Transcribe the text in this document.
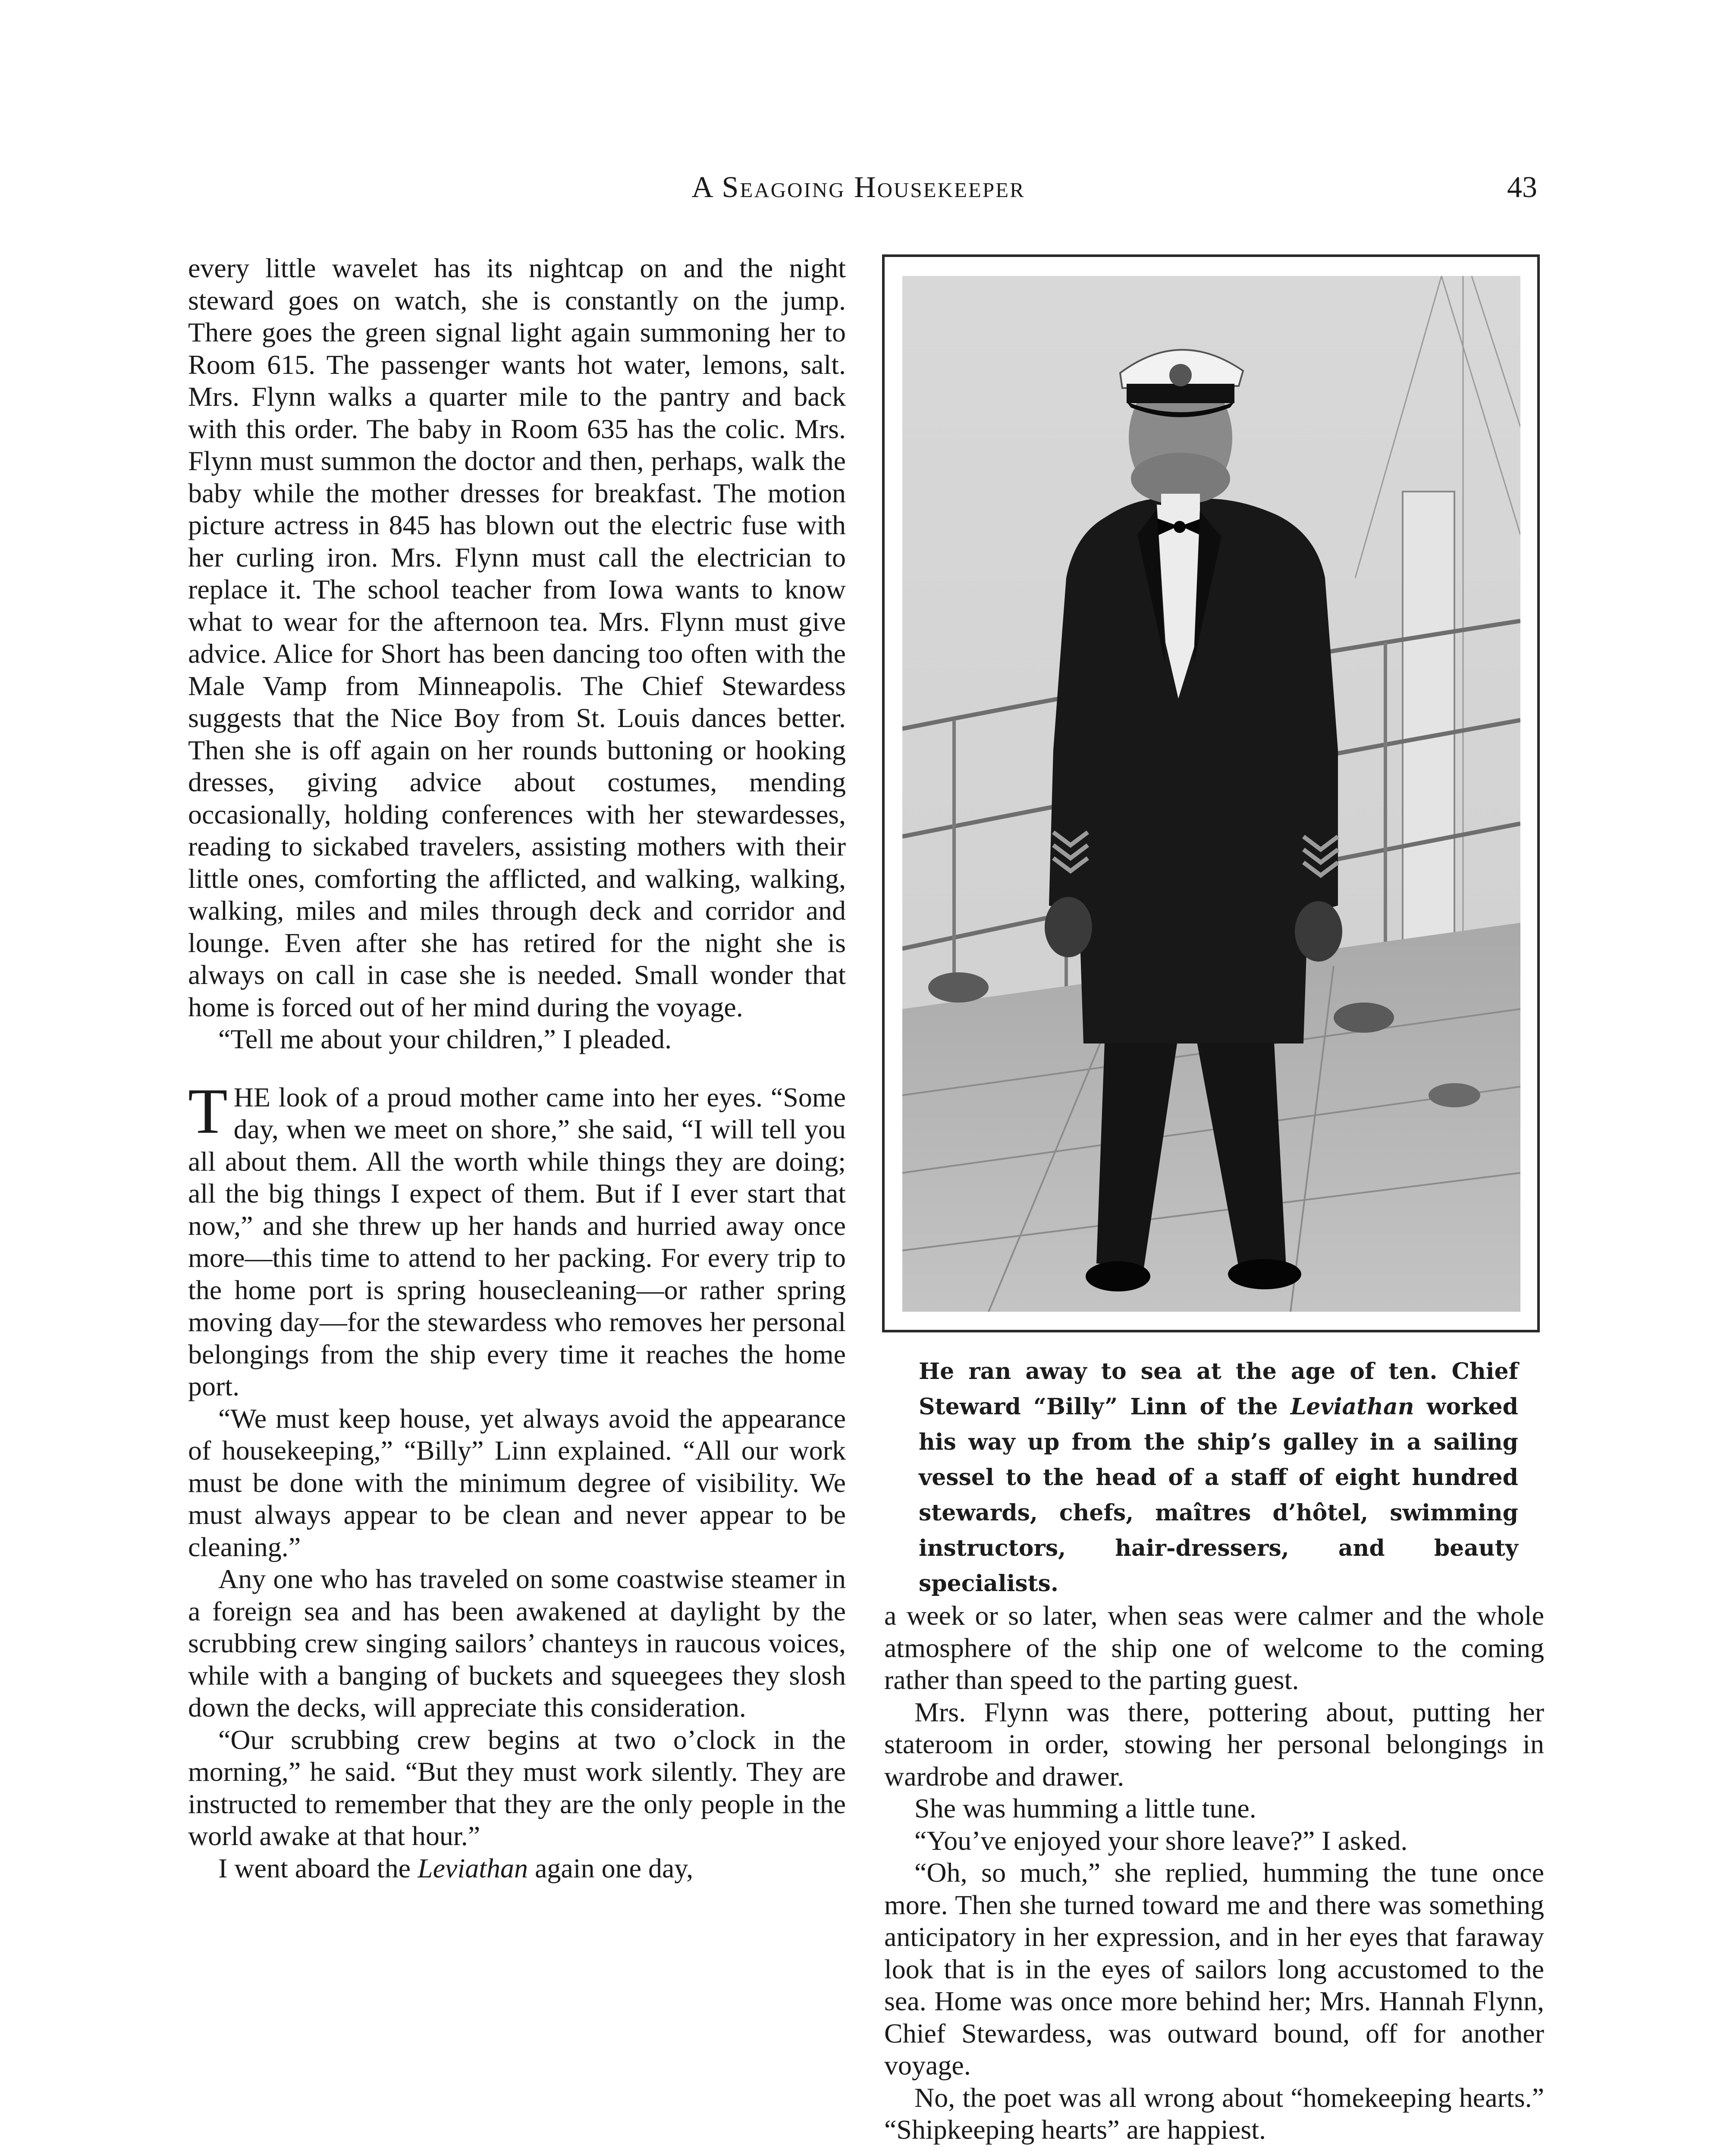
A Seagoing Housekeeper	43

every little wavelet has its nightcap on and the night steward goes on watch, she is constantly on the jump. There goes the green signal light again summoning her to Room 615. The passenger wants hot water, lemons, salt. Mrs. Flynn walks a quarter mile to the pantry and back with this order. The baby in Room 635 has the colic. Mrs. Flynn must summon the doctor and then, perhaps, walk the baby while the mother dresses for breakfast. The motion picture actress in 845 has blown out the electric fuse with her curling iron. Mrs. Flynn must call the electrician to replace it. The school teacher from Iowa wants to know what to wear for the afternoon tea. Mrs. Flynn must give advice. Alice for Short has been dancing too often with the Male Vamp from Minneapolis. The Chief Stewardess suggests that the Nice Boy from St. Louis dances better. Then she is off again on her rounds buttoning or hooking dresses, giving advice about costumes, mending occasionally, holding conferences with her stewardesses, reading to sickabed travelers, assisting mothers with their little ones, comforting the afflicted, and walking, walking, walking, miles and miles through deck and corridor and lounge. Even after she has retired for the night she is always on call in case she is needed. Small wonder that home is forced out of her mind during the voyage.

“Tell me about your children,” I pleaded.

THE look of a proud mother came into her eyes. “Some day, when we meet on shore,” she said, “I will tell you all about them. All the worth while things they are doing; all the big things I expect of them. But if I ever start that now,” and she threw up her hands and hurried away once more—this time to attend to her packing. For every trip to the home port is spring housecleaning—or rather spring moving day—for the stewardess who removes her personal belongings from the ship every time it reaches the home port.

“We must keep house, yet always avoid the appearance of housekeeping,” “Billy” Linn explained. “All our work must be done with the minimum degree of visibility. We must always appear to be clean and never appear to be cleaning.”

Any one who has traveled on some coastwise steamer in a foreign sea and has been awakened at daylight by the scrubbing crew singing sailors’ chanteys in raucous voices, while with a banging of buckets and squeegees they slosh down the decks, will appreciate this consideration.

“Our scrubbing crew begins at two o’clock in the morning,” he said. “But they must work silently. They are instructed to remember that they are the only people in the world awake at that hour.”

I went aboard the Leviathan again one day,

He ran away to sea at the age of ten. Chief Steward “Billy” Linn of the Leviathan worked his way up from the ship’s galley in a sailing vessel to the head of a staff of eight hundred stewards, chefs, maîtres d’hôtel, swimming instructors, hair-dressers, and beauty specialists.

a week or so later, when seas were calmer and the whole atmosphere of the ship one of welcome to the coming rather than speed to the parting guest.

Mrs. Flynn was there, pottering about, putting her stateroom in order, stowing her personal belongings in wardrobe and drawer.

She was humming a little tune.

“You’ve enjoyed your shore leave?” I asked.

“Oh, so much,” she replied, humming the tune once more. Then she turned toward me and there was something anticipatory in her expression, and in her eyes that faraway look that is in the eyes of sailors long accustomed to the sea. Home was once more behind her; Mrs. Hannah Flynn, Chief Stewardess, was outward bound, off for another voyage.

No, the poet was all wrong about “homekeeping hearts.” “Shipkeeping hearts” are happiest.
